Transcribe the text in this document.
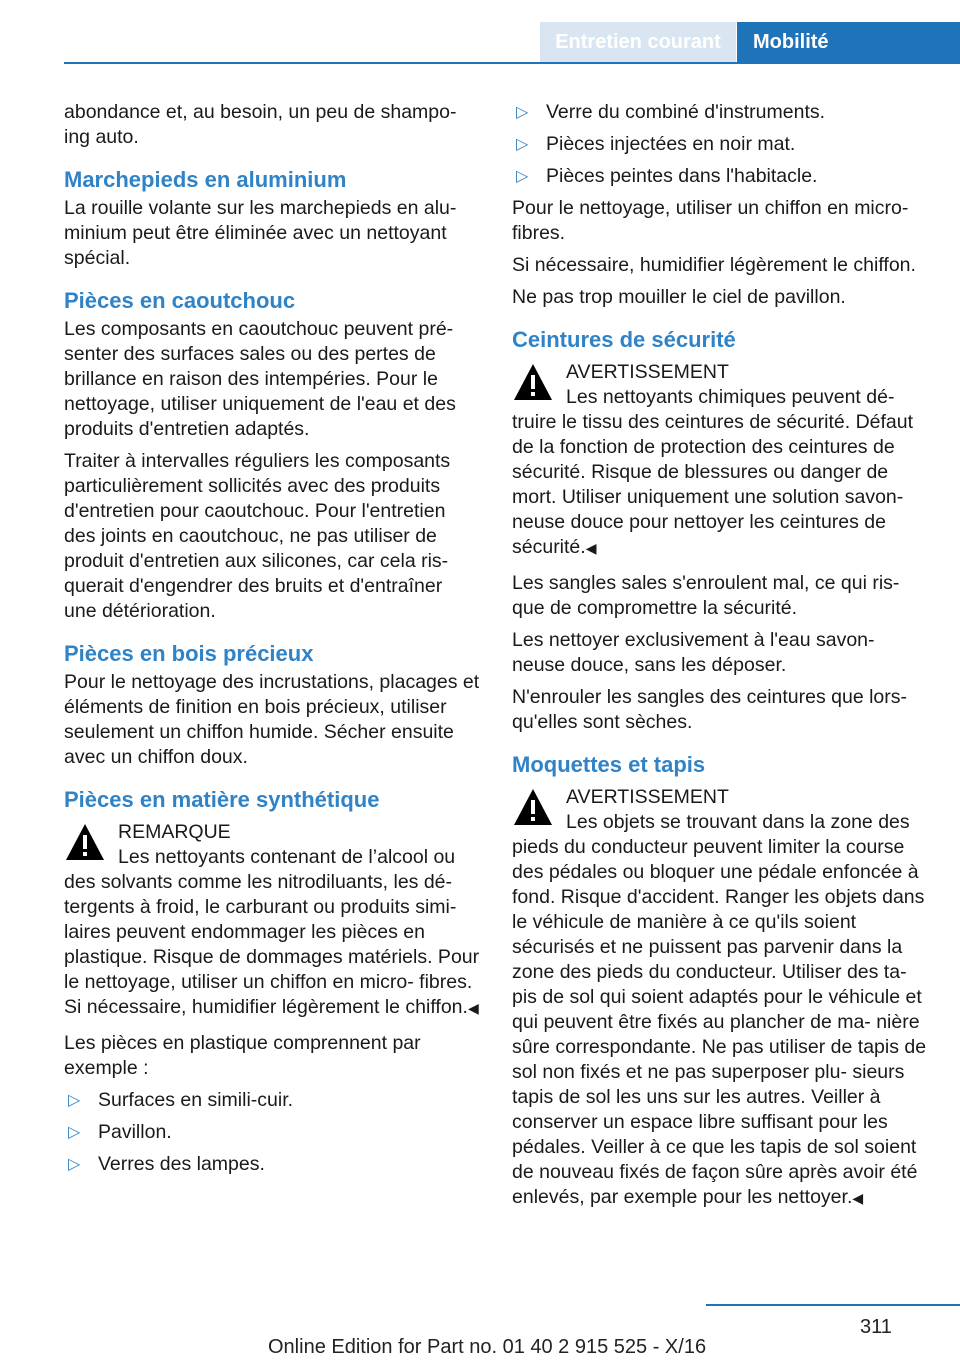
Entretien courant	Mobilité

abondance et, au besoin, un peu de shampo‐ ing auto.

Marchepieds en aluminium

La rouille volante sur les marchepieds en alu‐ minium peut être éliminée avec un nettoyant spécial.

Pièces en caoutchouc

Les composants en caoutchouc peuvent pré‐ senter des surfaces sales ou des pertes de brillance en raison des intempéries. Pour le nettoyage, utiliser uniquement de l'eau et des produits d'entretien adaptés.

Traiter à intervalles réguliers les composants particulièrement sollicités avec des produits d'entretien pour caoutchouc. Pour l'entretien des joints en caoutchouc, ne pas utiliser de produit d'entretien aux silicones, car cela ris‐ querait d'engendrer des bruits et d'entraîner une détérioration.

Pièces en bois précieux

Pour le nettoyage des incrustations, placages et éléments de finition en bois précieux, utiliser seulement un chiffon humide. Sécher ensuite avec un chiffon doux.

Pièces en matière synthétique
REMARQUE
Les nettoyants contenant de l’alcool ou des solvants comme les nitrodiluants, les dé‐ tergents à froid, le carburant ou produits simi‐ laires peuvent endommager les pièces en plastique. Risque de dommages matériels. Pour le nettoyage, utiliser un chiffon en micro‐ fibres. Si nécessaire, humidifier légèrement le chiffon.◀

Les pièces en plastique comprennent par exemple :

▷ Surfaces en simili-cuir.
▷ Pavillon.
▷ Verres des lampes.
▷ Verre du combiné d'instruments.
▷ Pièces injectées en noir mat.
▷ Pièces peintes dans l'habitacle.

Pour le nettoyage, utiliser un chiffon en micro‐ fibres.

Si nécessaire, humidifier légèrement le chiffon.

Ne pas trop mouiller le ciel de pavillon.

Ceintures de sécurité
AVERTISSEMENT
Les nettoyants chimiques peuvent dé‐ truire le tissu des ceintures de sécurité. Défaut de la fonction de protection des ceintures de sécurité. Risque de blessures ou danger de mort. Utiliser uniquement une solution savon‐ neuse douce pour nettoyer les ceintures de sécurité.◀

Les sangles sales s'enroulent mal, ce qui ris‐ que de compromettre la sécurité.

Les nettoyer exclusivement à l'eau savon‐ neuse douce, sans les déposer.

N'enrouler les sangles des ceintures que lors‐ qu'elles sont sèches.

Moquettes et tapis
AVERTISSEMENT
Les objets se trouvant dans la zone des pieds du conducteur peuvent limiter la course des pédales ou bloquer une pédale enfoncée à fond. Risque d'accident. Ranger les objets dans le véhicule de manière à ce qu'ils soient sécurisés et ne puissent pas parvenir dans la zone des pieds du conducteur. Utiliser des ta‐ pis de sol qui soient adaptés pour le véhicule et qui peuvent être fixés au plancher de ma‐ nière sûre correspondante. Ne pas utiliser de tapis de sol non fixés et ne pas superposer plu‐ sieurs tapis de sol les uns sur les autres. Veiller à conserver un espace libre suffisant pour les pédales. Veiller à ce que les tapis de sol soient de nouveau fixés de façon sûre après avoir été enlevés, par exemple pour les nettoyer.◀
311
Online Edition for Part no. 01 40 2 915 525 - X/16
